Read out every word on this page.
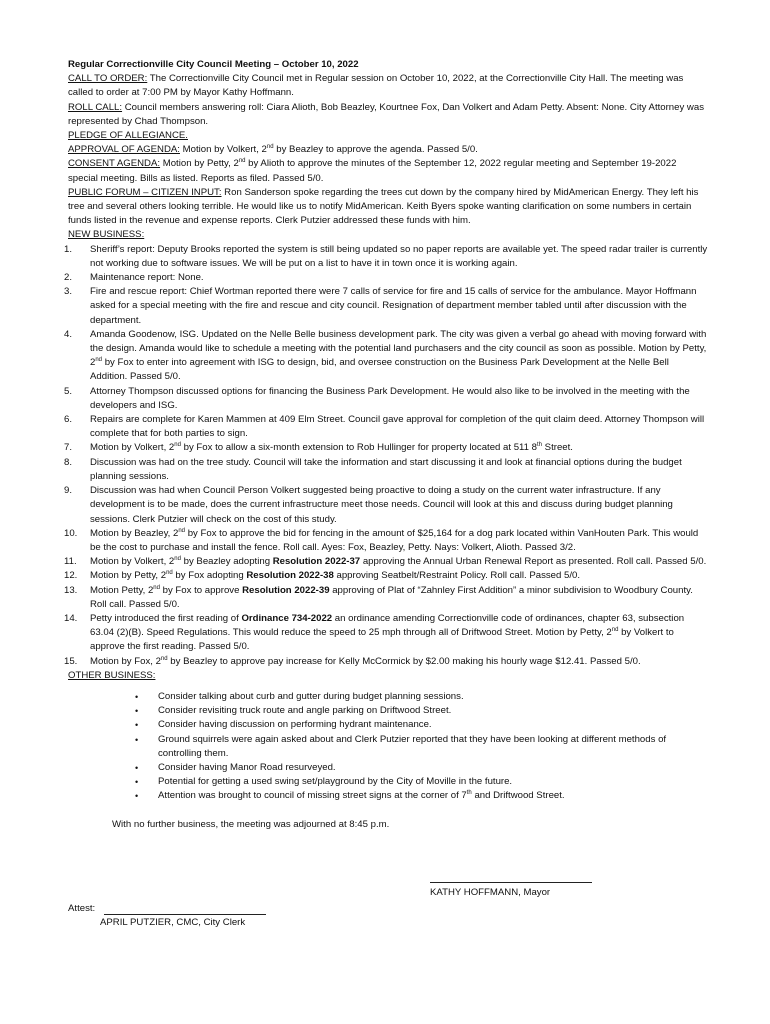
Regular Correctionville City Council Meeting – October 10, 2022

CALL TO ORDER: The Correctionville City Council met in Regular session on October 10, 2022, at the Correctionville City Hall. The meeting was called to order at 7:00 PM by Mayor Kathy Hoffmann.

ROLL CALL: Council members answering roll: Ciara Alioth, Bob Beazley, Kourtnee Fox, Dan Volkert and Adam Petty. Absent: None. City Attorney was represented by Chad Thompson.

PLEDGE OF ALLEGIANCE.

APPROVAL OF AGENDA: Motion by Volkert, 2nd by Beazley to approve the agenda. Passed 5/0.

CONSENT AGENDA: Motion by Petty, 2nd by Alioth to approve the minutes of the September 12, 2022 regular meeting and September 19-2022 special meeting. Bills as listed. Reports as filed. Passed 5/0.

PUBLIC FORUM – CITIZEN INPUT: Ron Sanderson spoke regarding the trees cut down by the company hired by MidAmerican Energy. They left his tree and several others looking terrible. He would like us to notify MidAmerican. Keith Byers spoke wanting clarification on some numbers in certain funds listed in the revenue and expense reports. Clerk Putzier addressed these funds with him.

NEW BUSINESS:

1.	Sheriff’s report: Deputy Brooks reported the system is still being updated so no paper reports are available yet. The speed radar trailer is currently not working due to software issues. We will be put on a list to have it in town once it is working again.
2.	Maintenance report: None.
3.	Fire and rescue report: Chief Wortman reported there were 7 calls of service for fire and 15 calls of service for the ambulance. Mayor Hoffmann asked for a special meeting with the fire and rescue and city council. Resignation of department member tabled until after discussion with the department.
4.	Amanda Goodenow, ISG. Updated on the Nelle Belle business development park. The city was given a verbal go ahead with moving forward with the design. Amanda would like to schedule a meeting with the potential land purchasers and the city council as soon as possible. Motion by Petty, 2nd by Fox to enter into agreement with ISG to design, bid, and oversee construction on the Business Park Development at the Nelle Bell Addition. Passed 5/0.
5.	Attorney Thompson discussed options for financing the Business Park Development. He would also like to be involved in the meeting with the developers and ISG.
6.	Repairs are complete for Karen Mammen at 409 Elm Street. Council gave approval for completion of the quit claim deed. Attorney Thompson will complete that for both parties to sign.
7.	Motion by Volkert, 2nd by Fox to allow a six-month extension to Rob Hullinger for property located at 511 8th Street.
8.	Discussion was had on the tree study. Council will take the information and start discussing it and look at financial options during the budget planning sessions.
9.	Discussion was had when Council Person Volkert suggested being proactive to doing a study on the current water infrastructure. If any development is to be made, does the current infrastructure meet those needs. Council will look at this and discuss during budget planning sessions. Clerk Putzier will check on the cost of this study.
10.	Motion by Beazley, 2nd by Fox to approve the bid for fencing in the amount of $25,164 for a dog park located within VanHouten Park. This would be the cost to purchase and install the fence. Roll call. Ayes: Fox, Beazley, Petty. Nays: Volkert, Alioth. Passed 3/2.
11.	Motion by Volkert, 2nd by Beazley adopting Resolution 2022-37 approving the Annual Urban Renewal Report as presented. Roll call. Passed 5/0.
12.	Motion by Petty, 2nd by Fox adopting Resolution 2022-38 approving Seatbelt/Restraint Policy. Roll call. Passed 5/0.
13.	Motion Petty, 2nd by Fox to approve Resolution 2022-39 approving of Plat of “Zahnley First Addition” a minor subdivision to Woodbury County. Roll call. Passed 5/0.
14.	Petty introduced the first reading of Ordinance 734-2022 an ordinance amending Correctionville code of ordinances, chapter 63, subsection 63.04 (2)(B). Speed Regulations. This would reduce the speed to 25 mph through all of Driftwood Street. Motion by Petty, 2nd by Volkert to approve the first reading. Passed 5/0.
15.	Motion by Fox, 2nd by Beazley to approve pay increase for Kelly McCormick by $2.00 making his hourly wage $12.41. Passed 5/0.

OTHER BUSINESS:

• Consider talking about curb and gutter during budget planning sessions.
• Consider revisiting truck route and angle parking on Driftwood Street.
• Consider having discussion on performing hydrant maintenance.
• Ground squirrels were again asked about and Clerk Putzier reported that they have been looking at different methods of controlling them.
• Consider having Manor Road resurveyed.
• Potential for getting a used swing set/playground by the City of Moville in the future.
• Attention was brought to council of missing street signs at the corner of 7th and Driftwood Street.

With no further business, the meeting was adjourned at 8:45 p.m.

KATHY HOFFMANN, Mayor
Attest:
APRIL PUTZIER, CMC, City Clerk
